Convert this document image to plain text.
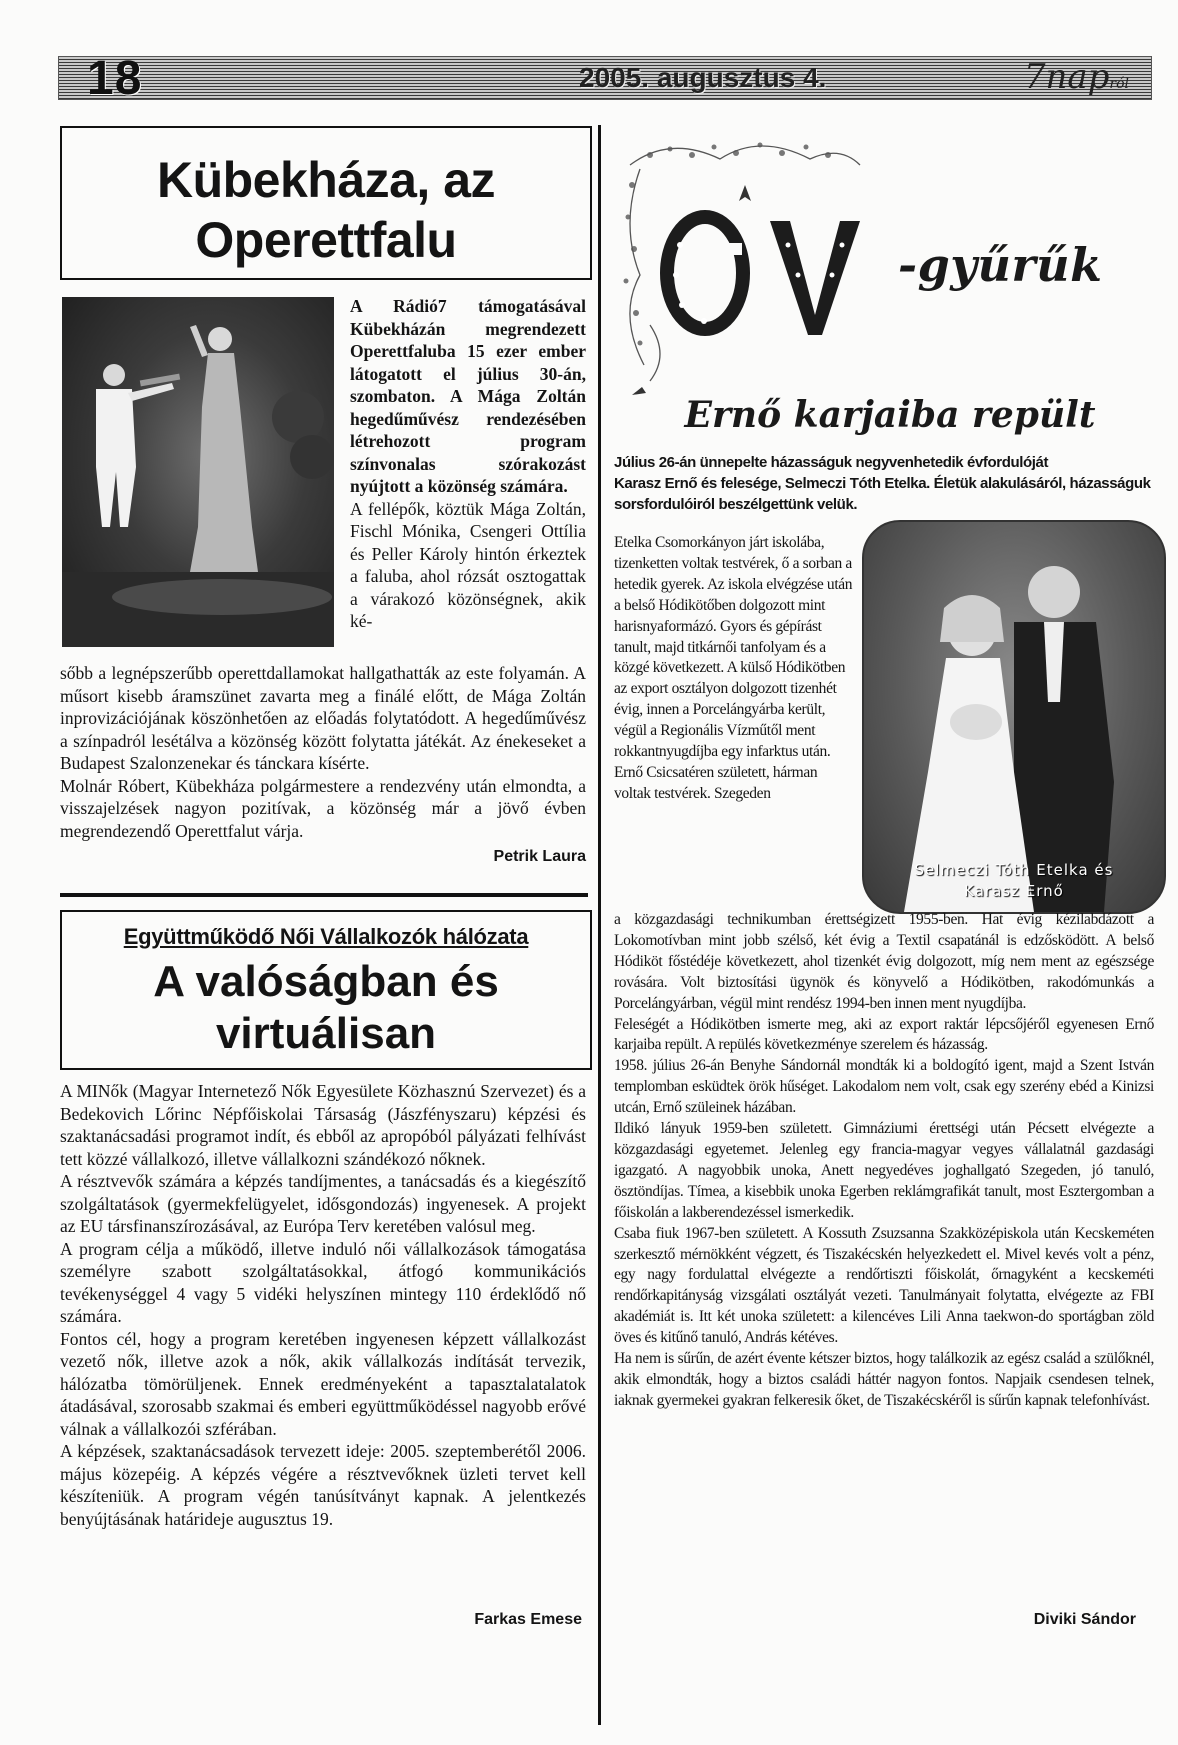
18	2005. augusztus 4.	7napról
Kübekháza, az
Operettfalu

A Rádió7 támogatásával Kübekházán megrendezett Operettfaluba 15 ezer ember látogatott el július 30-án, szombaton. A Mága Zoltán hegedűművész rendezésében létrehozott program színvonalas szórakozást nyújtott a közönség számára.

A fellépők, köztük Mága Zoltán, Fischl Mónika, Csengeri Ottília és Peller Károly hintón érkeztek a faluba, ahol rózsát osztogattak a várakozó közönségnek, akik ké-

sőbb a legnépszerűbb operettdallamokat hallgathatták az este folyamán. A műsort kisebb áramszünet zavarta meg a finálé előtt, de Mága Zoltán inprovizációjának köszönhetően az előadás folytatódott. A hegedűművész a színpadról lesétálva a közönség között folytatta játékát. Az énekeseket a Budapest Szalonzenekar és tánckara kísérte.

Molnár Róbert, Kübekháza polgármestere a rendezvény után elmondta, a visszajelzések nagyon pozitívak, a közönség már a jövő évben megrendezendő Operettfalut várja.

Petrik Laura
Együttműködő Női Vállalkozók hálózata
A valóságban és
virtuálisan

A MINők (Magyar Internetező Nők Egyesülete Közhasznú Szervezet) és a Bedekovich Lőrinc Népfőiskolai Társaság (Jászfényszaru) képzési és szaktanácsadási programot indít, és ebből az apropóból pályázati felhívást tett közzé vállalkozó, illetve vállalkozni szándékozó nőknek.

A résztvevők számára a képzés tandíjmentes, a tanácsadás és a kiegészítő szolgáltatások (gyermekfelügyelet, idősgondozás) ingyenesek. A projekt az EU társfinanszírozásával, az Európa Terv keretében valósul meg.

A program célja a működő, illetve induló női vállalkozások támogatása személyre szabott szolgáltatásokkal, átfogó kommunikációs tevékenységgel 4 vagy 5 vidéki helyszínen mintegy 110 érdeklődő nő számára.

Fontos cél, hogy a program keretében ingyenesen képzett vállalkozást vezető nők, illetve azok a nők, akik vállalkozás indítását tervezik, hálózatba tömörüljenek. Ennek eredményeként a tapasztalatalatok átadásával, szorosabb szakmai és emberi együttműködéssel nagyobb erővé válnak a vállalkozói szférában.

A képzések, szaktanácsadások tervezett ideje: 2005. szeptemberétől 2006. május közepéig. A képzés végére a résztvevőknek üzleti tervet kell készíteniük. A program végén tanúsítványt kapnak. A jelentkezés benyújtásának határideje augusztus 19.

Farkas Emese
-gyűrűk
Ernő karjaiba repült
Július 26-án ünnepelte házasságuk negyvenhetedik évfordulóját
Karasz Ernő és felesége, Selmeczi Tóth Etelka. Életük alakulásáról, házasságuk sorsfordulóiról beszélgettünk velük.

Etelka Csomorkányon járt iskolába, tizenketten voltak testvérek, ő a sorban a hetedik gyerek. Az iskola elvégzése után a belső Hódikötőben dolgozott mint harisnyaformázó. Gyors és gépírást tanult, majd titkárnői tanfolyam és a közgé következett. A külső Hódikötben az export osztályon dolgozott tizenhét évig, innen a Porcelángyárba került, végül a Regionális Vízműtől ment rokkantnyugdíjba egy infarktus után.

Ernő Csicsatéren született, hárman voltak testvérek. Szegeden

Selmeczi Tóth Etelka és
Karasz Ernő

a közgazdasági technikumban érettségizett 1955-ben. Hat évig kézilabdázott a Lokomotívban mint jobb szélső, két évig a Textil csapatánál is edzősködött. A belső Hódiköt főstédéje következett, ahol tizenkét évig dolgozott, míg nem ment az egészsége rovására. Volt biztosítási ügynök és könyvelő a Hódikötben, rakodómunkás a Porcelángyárban, végül mint rendész 1994-ben innen ment nyugdíjba.

Feleségét a Hódikötben ismerte meg, aki az export raktár lépcsőjéről egyenesen Ernő karjaiba repült. A repülés következménye szerelem és házasság.

1958. július 26-án Benyhe Sándornál mondták ki a boldogító igent, majd a Szent István templomban esküdtek örök hűséget. Lakodalom nem volt, csak egy szerény ebéd a Kinizsi utcán, Ernő szüleinek házában.

Ildikó lányuk 1959-ben született. Gimnáziumi érettségi után Pécsett elvégezte a közgazdasági egyetemet. Jelenleg egy francia-magyar vegyes vállalatnál gazdasági igazgató. A nagyobbik unoka, Anett negyedéves joghallgató Szegeden, jó tanuló, ösztöndíjas. Tímea, a kisebbik unoka Egerben reklámgrafikát tanult, most Esztergomban a főiskolán a lakberendezéssel ismerkedik.

Csaba fiuk 1967-ben született. A Kossuth Zsuzsanna Szakközépiskola után Kecskeméten szerkesztő mérnökként végzett, és Tiszakécskén helyezkedett el. Mivel kevés volt a pénz, egy nagy fordulattal elvégezte a rendőrtiszti főiskolát, őrnagyként a kecskeméti rendőrkapitányság vizsgálati osztályát vezeti. Tanulmányait folytatta, elvégezte az FBI akadémiát is. Itt két unoka született: a kilencéves Lili Anna taekwon-do sportágban zöld öves és kitűnő tanuló, András kétéves.

Ha nem is sűrűn, de azért évente kétszer biztos, hogy találkozik az egész család a szülőknél, akik elmondták, hogy a biztos családi háttér nagyon fontos. Napjaik csendesen telnek, iaknak gyermekei gyakran felkeresik őket, de Tiszakécskéről is sűrűn kapnak telefonhívást.

Diviki Sándor
